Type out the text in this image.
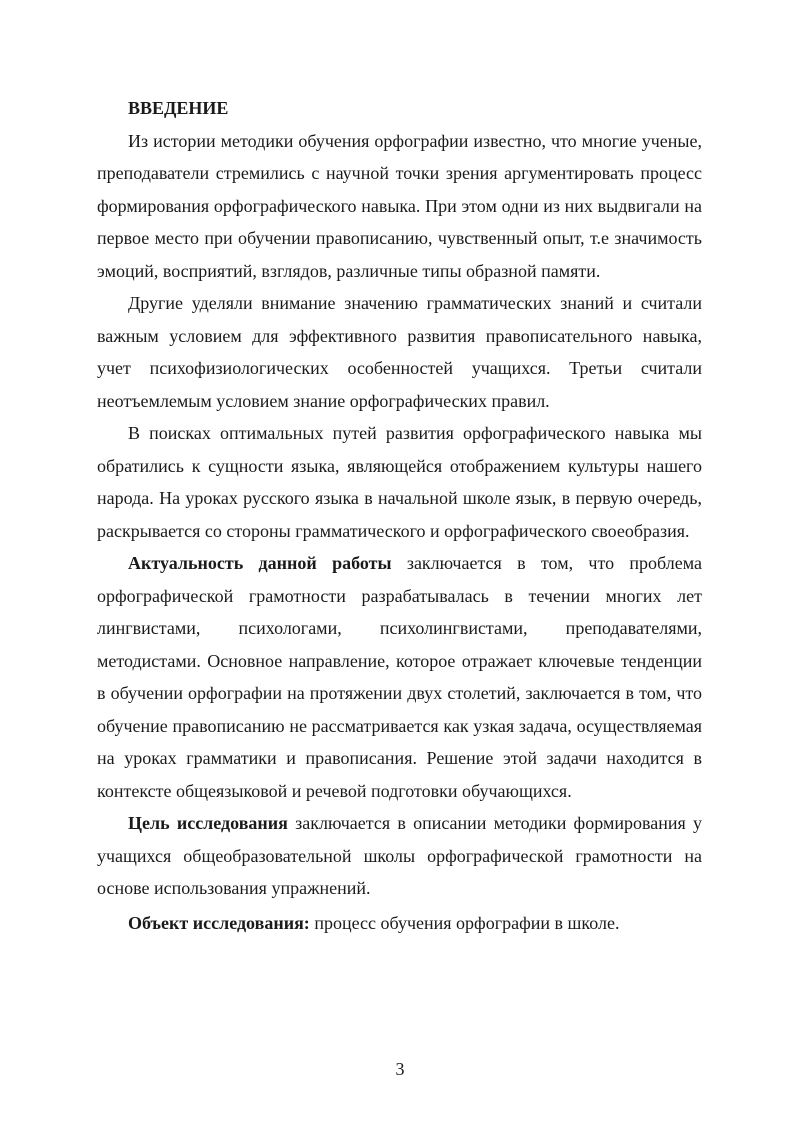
ВВЕДЕНИЕ

Из истории методики обучения орфографии известно, что многие ученые, преподаватели стремились с научной точки зрения аргументировать процесс формирования орфографического навыка. При этом одни из них выдвигали на первое место при обучении правописанию, чувственный опыт, т.е значимость эмоций, восприятий, взглядов, различные типы образной памяти.

Другие уделяли внимание значению грамматических знаний и считали важным условием для эффективного развития правописательного навыка, учет психофизиологических особенностей учащихся. Третьи считали неотъемлемым условием знание орфографических правил.

В поисках оптимальных путей развития орфографического навыка мы обратились к сущности языка, являющейся отображением культуры нашего народа. На уроках русского языка в начальной школе язык, в первую очередь, раскрывается со стороны грамматического и орфографического своеобразия.

Актуальность данной работы заключается в том, что проблема орфографической грамотности разрабатывалась в течении многих лет лингвистами, психологами, психолингвистами, преподавателями, методистами. Основное направление, которое отражает ключевые тенденции в обучении орфографии на протяжении двух столетий, заключается в том, что обучение правописанию не рассматривается как узкая задача, осуществляемая на уроках грамматики и правописания. Решение этой задачи находится в контексте общеязыковой и речевой подготовки обучающихся.

Цель исследования заключается в описании методики формирования у учащихся общеобразовательной школы орфографической грамотности на основе использования упражнений.

Объект исследования: процесс обучения орфографии в школе.

3
